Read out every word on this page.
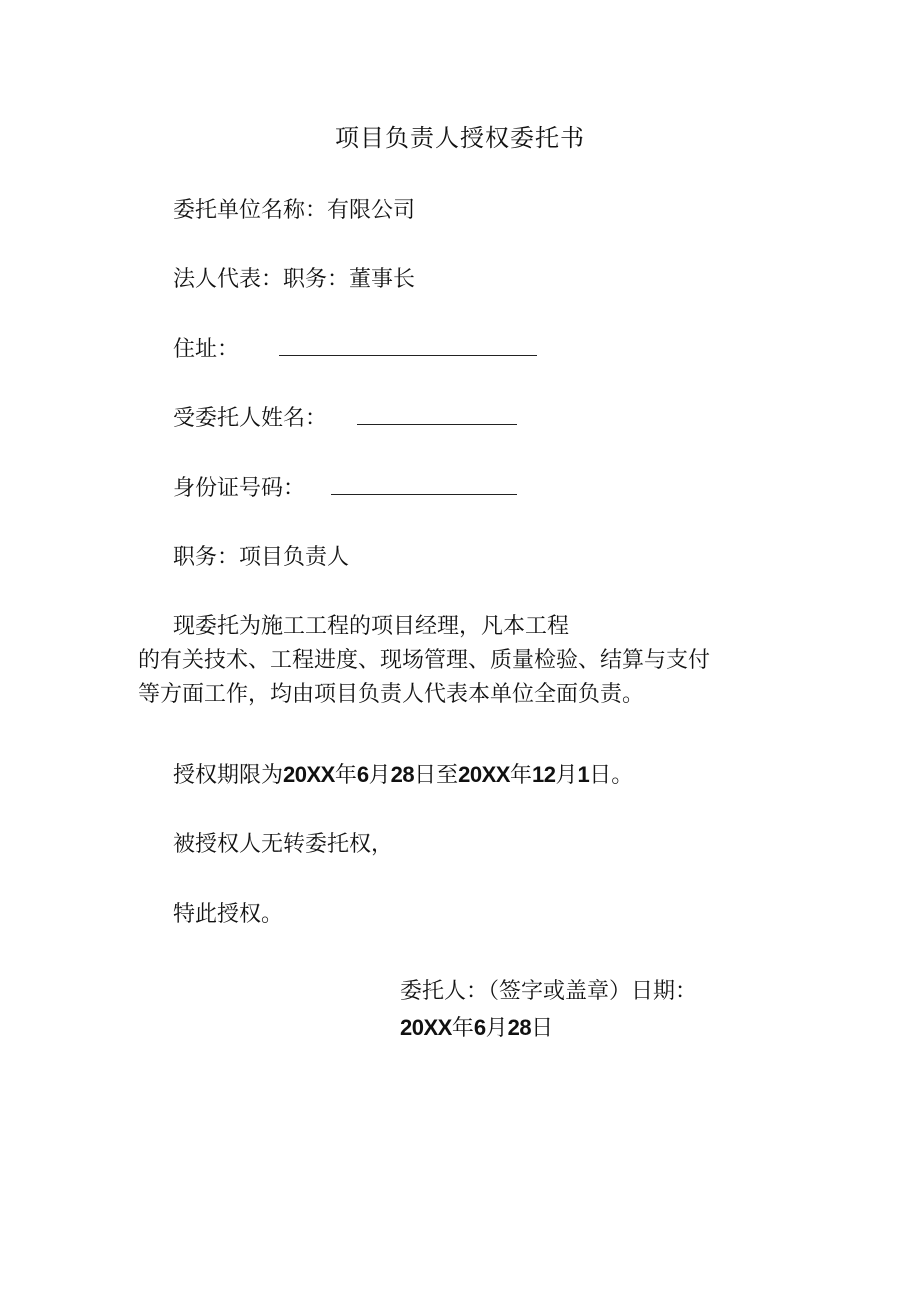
项目负责人授权委托书
委托单位名称：有限公司
法人代表：职务：董事长
住址：
受委托人姓名：
身份证号码：
职务：项目负责人
现委托为施工工程的项目经理，凡本工程
的有关技术、工程进度、现场管理、质量检验、结算与支付
等方面工作，均由项目负责人代表本单位全面负责。
授权期限为20XX年6月28日至20XX年12月1日。
被授权人无转委托权，
特此授权。
委托人：（签字或盖章）日期：
20XX年6月28日
